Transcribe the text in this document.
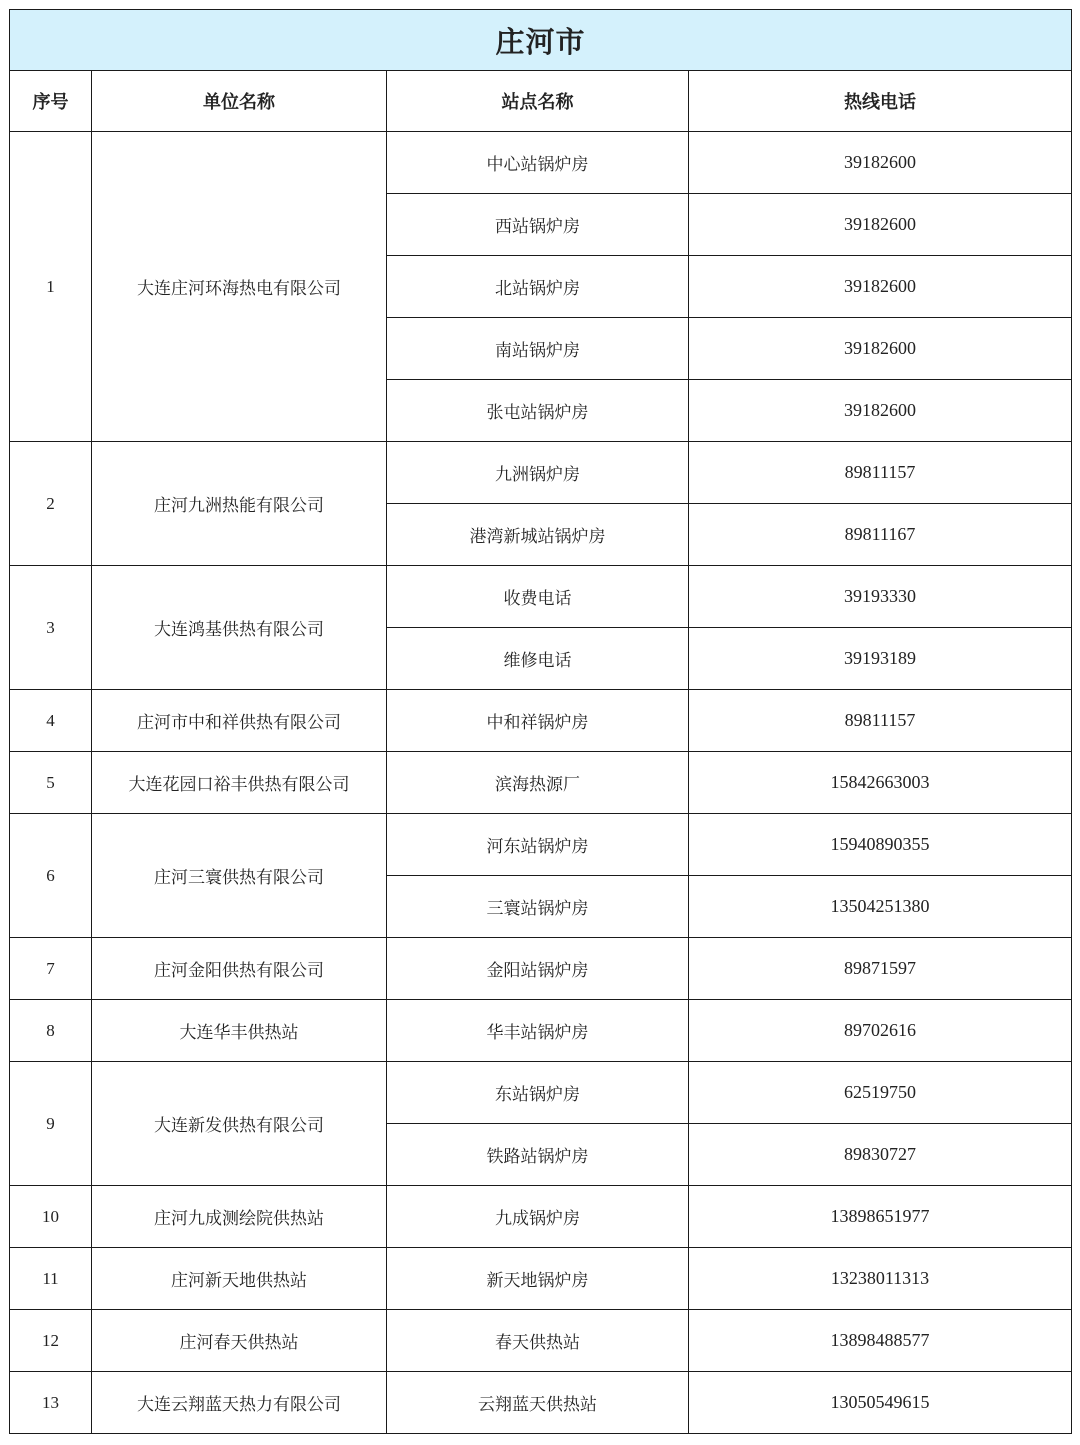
庄河市			
序号	单位名称	站点名称	热线电话
1	大连庄河环海热电有限公司	中心站锅炉房	39182600
		西站锅炉房	39182600
		北站锅炉房	39182600
		南站锅炉房	39182600
		张屯站锅炉房	39182600
2	庄河九洲热能有限公司	九洲锅炉房	89811157
		港湾新城站锅炉房	89811167
3	大连鸿基供热有限公司	收费电话	39193330
		维修电话	39193189
4	庄河市中和祥供热有限公司	中和祥锅炉房	89811157
5	大连花园口裕丰供热有限公司	滨海热源厂	15842663003
6	庄河三寰供热有限公司	河东站锅炉房	15940890355
		三寰站锅炉房	13504251380
7	庄河金阳供热有限公司	金阳站锅炉房	89871597
8	大连华丰供热站	华丰站锅炉房	89702616
9	大连新发供热有限公司	东站锅炉房	62519750
		铁路站锅炉房	89830727
10	庄河九成测绘院供热站	九成锅炉房	13898651977
11	庄河新天地供热站	新天地锅炉房	13238011313
12	庄河春天供热站	春天供热站	13898488577
13	大连云翔蓝天热力有限公司	云翔蓝天供热站	13050549615
